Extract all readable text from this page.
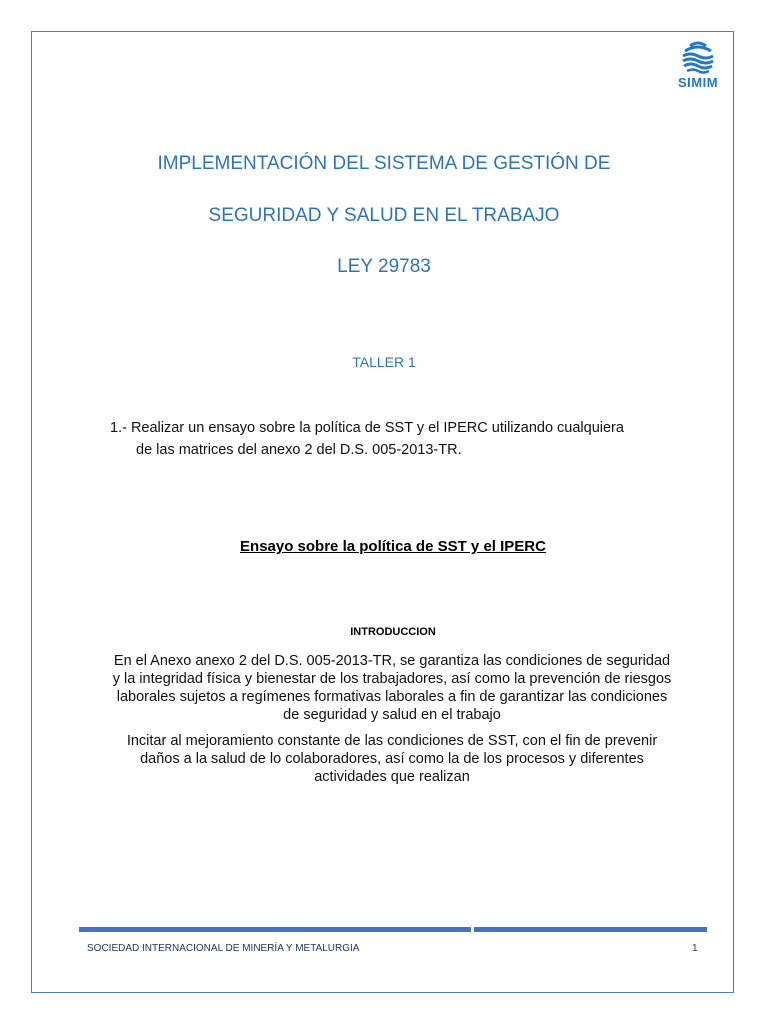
SIMIM
IMPLEMENTACIÓN DEL SISTEMA DE GESTIÓN DE
SEGURIDAD Y SALUD EN EL TRABAJO
LEY 29783
TALLER 1
1.- Realizar un ensayo sobre la política de SST y el IPERC utilizando cualquiera
de las matrices del anexo 2 del D.S. 005-2013-TR.
Ensayo sobre la política de SST y el IPERC
INTRODUCCION
En el Anexo anexo 2 del D.S. 005-2013-TR, se garantiza las condiciones de seguridad y la integridad física y bienestar de los trabajadores, así como la prevención de riesgos laborales sujetos a regímenes formativas laborales a fin de garantizar las condiciones de seguridad y salud en el trabajo
Incitar al mejoramiento constante de las condiciones de SST, con el fin de prevenir daños a la salud de lo colaboradores, así como la de los procesos y diferentes actividades que realizan
SOCIEDAD INTERNACIONAL DE MINERÍA Y METALURGIA	1
